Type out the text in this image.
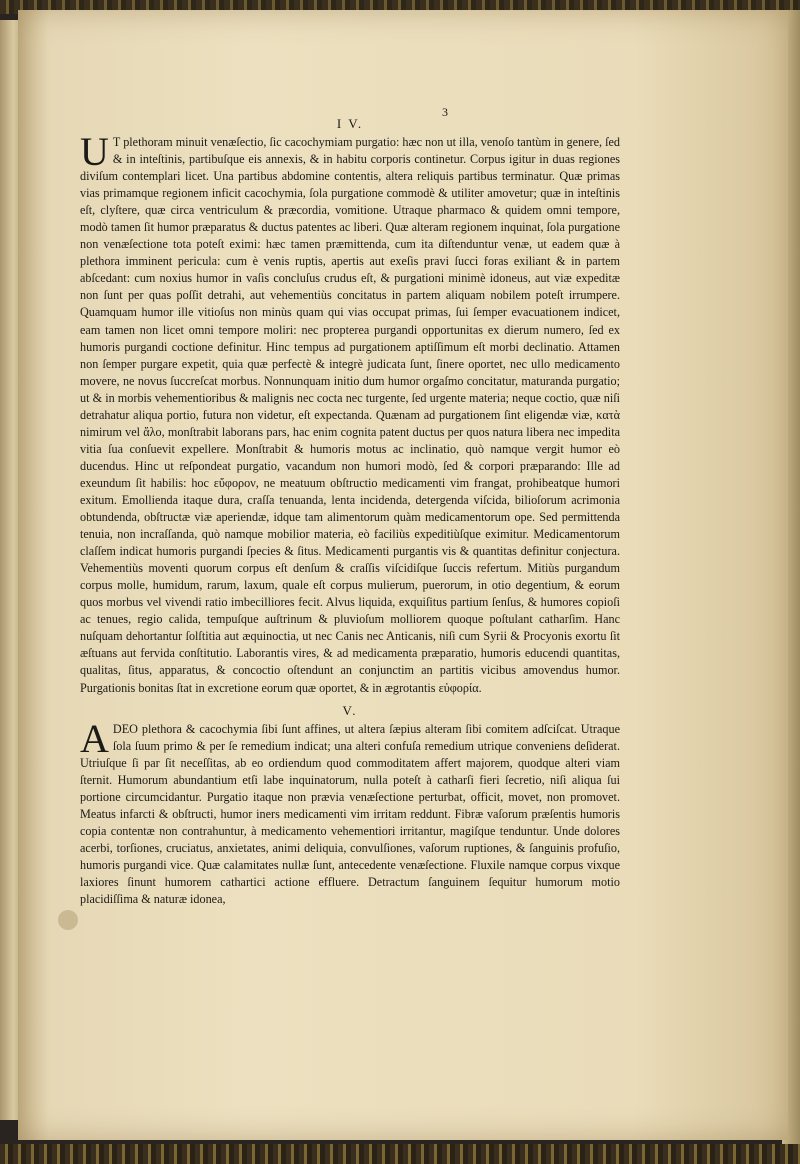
3
I V.

U T plethoram minuit venæſectio, ſic cacochymiam purgatio: hæc non ut illa, venoſo tantùm in genere, ſed & in inteſtinis, partibuſque eis annexis, & in habitu corporis continetur. Corpus igitur in duas regiones diviſum contemplari licet. Una partibus abdomine contentis, altera reliquis partibus terminatur. Quæ primas vias primamque regionem inficit cacochymia, ſola purgatione commodè & utiliter amovetur; quæ in inteſtinis eſt, clyſtere, quæ circa ventriculum & præcordia, vomitione. Utraque pharmaco & quidem omni tempore, modò tamen ſit humor præparatus & ductus patentes ac liberi. Quæ alteram regionem inquinat, ſola purgatione non venæſectione tota poteſt eximi: hæc tamen præmittenda, cum ita diſtenduntur venæ, ut eadem quæ à plethora imminent pericula: cum è venis ruptis, apertis aut exeſis pravi ſucci foras exiliant & in partem abſcedant: cum noxius humor in vaſis concluſus crudus eſt, & purgationi minimè idoneus, aut viæ expeditæ non ſunt per quas poſſit detrahi, aut vehementiùs concitatus in partem aliquam nobilem poteſt irrumpere. Quamquam humor ille vitioſus non minùs quam qui vias occupat primas, ſui ſemper evacuationem indicet, eam tamen non licet omni tempore moliri: nec propterea purgandi opportunitas ex dierum numero, ſed ex humoris purgandi coctione definitur. Hinc tempus ad purgationem aptiſſimum eſt morbi declinatio. Attamen non ſemper purgare expetit, quia quæ perfectè & integrè judicata ſunt, ſinere oportet, nec ullo medicamento movere, ne novus ſuccreſcat morbus. Nonnunquam initio dum humor orgaſmo concitatur, maturanda purgatio; ut & in morbis vehementioribus & malignis nec cocta nec turgente, ſed urgente materia; neque coctio, quæ niſi detrahatur aliqua portio, futura non videtur, eſt expectanda. Quænam ad purgationem ſint eligendæ viæ, κατὰ nimirum vel ἄλο, monſtrabit laborans pars, hac enim cognita patent ductus per quos natura libera nec impedita vitia ſua conſuevit expellere. Monſtrabit & humoris motus ac inclinatio, quò namque vergit humor eò ducendus. Hinc ut reſpondeat purgatio, vacandum non humori modò, ſed & corpori præparando: Ille ad exeundum ſit habilis: hoc εὔφορον, ne meatuum obſtructio medicamenti vim frangat, prohibeatque humori exitum. Emollienda itaque dura, craſſa tenuanda, lenta incidenda, detergenda viſcida, bilioſorum acrimonia obtundenda, obſtructæ viæ aperiendæ, idque tam alimentorum quàm medicamentorum ope. Sed permittenda tenuia, non incraſſanda, quò namque mobilior materia, eò faciliùs expeditiùſque eximitur. Medicamentorum claſſem indicat humoris purgandi ſpecies & ſitus. Medicamenti purgantis vis & quantitas definitur conjectura. Vehementiùs moventi quorum corpus eſt denſum & craſſis viſcidiſque ſuccis refertum. Mitiùs purgandum corpus molle, humidum, rarum, laxum, quale eſt corpus mulierum, puerorum, in otio degentium, & eorum quos morbus vel vivendi ratio imbecilliores fecit. Alvus liquida, exquiſitus partium ſenſus, & humores copioſi ac tenues, regio calida, tempuſque auſtrinum & pluvioſum molliorem quoque poſtulant catharſim. Hanc nuſquam dehortantur ſolſtitia aut æquinoctia, ut nec Canis nec Anticanis, niſi cum Syrii & Procyonis exortu ſit æſtuans aut fervida conſtitutio. Laborantis vires, & ad medicamenta præparatio, humoris educendi quantitas, qualitas, ſitus, apparatus, & concoctio oſtendunt an conjunctim an partitis vicibus amovendus humor. Purgationis bonitas ſtat in excretione eorum quæ oportet, & in ægrotantis εὐφορία.

V.

ADEO plethora & cacochymia ſibi ſunt affines, ut altera ſæpius alteram ſibi comitem adſciſcat. Utraque ſola ſuum primo & per ſe remedium indicat; una alteri confuſa remedium utrique conveniens deſiderat. Utriuſque ſi par ſit neceſſitas, ab eo ordiendum quod commoditatem affert majorem, quodque alteri viam ſternit. Humorum abundantium etſi labe inquinatorum, nulla poteſt à catharſi fieri ſecretio, niſi aliqua ſui portione circumcidantur. Purgatio itaque non prævia venæſectione perturbat, officit, movet, non promovet. Meatus infarcti & obſtructi, humor iners medicamenti vim irritam reddunt. Fibræ vaſorum præſentis humoris copia contentæ non contrahuntur, à medicamento vehementiori irritantur, magiſque tenduntur. Unde dolores acerbi, torſiones, cruciatus, anxietates, animi deliquia, convulſiones, vaſorum ruptiones, & ſanguinis profuſio, humoris purgandi vice. Quæ calamitates nullæ ſunt, antecedente venæſectione. Fluxile namque corpus vixque laxiores ſinunt humorem cathartici actione effluere. Detractum ſanguinem ſequitur humorum motio placidiſſima & naturæ idonea,
